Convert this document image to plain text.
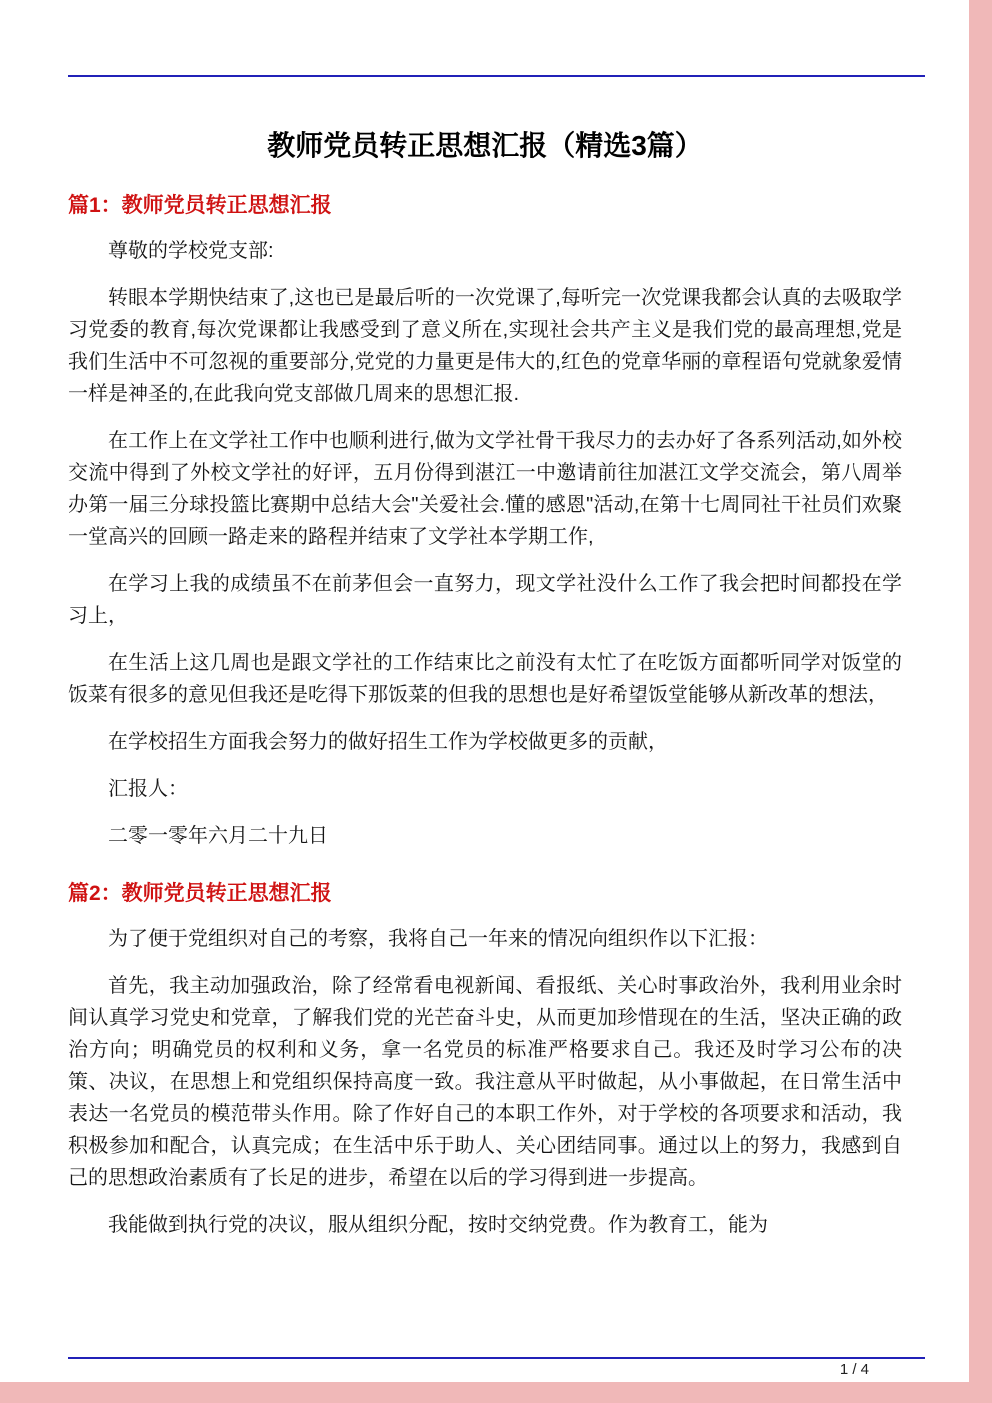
教师党员转正思想汇报（精选3篇）
篇1：教师党员转正思想汇报

尊敬的学校党支部:

转眼本学期快结束了,这也已是最后听的一次党课了,每听完一次党课我都会认真的去吸取学习党委的教育,每次党课都让我感受到了意义所在,实现社会共产主义是我们党的最高理想,党是我们生活中不可忽视的重要部分,党党的力量更是伟大的,红色的党章华丽的章程语句党就象爱情一样是神圣的,在此我向党支部做几周来的思想汇报.

在工作上在文学社工作中也顺利进行,做为文学社骨干我尽力的去办好了各系列活动,如外校交流中得到了外校文学社的好评，五月份得到湛江一中邀请前往加湛江文学交流会，第八周举办第一届三分球投篮比赛期中总结大会"关爱社会.懂的感恩"活动,在第十七周同社干社员们欢聚一堂高兴的回顾一路走来的路程并结束了文学社本学期工作,

在学习上我的成绩虽不在前茅但会一直努力，现文学社没什么工作了我会把时间都投在学习上，

在生活上这几周也是跟文学社的工作结束比之前没有太忙了在吃饭方面都听同学对饭堂的饭菜有很多的意见但我还是吃得下那饭菜的但我的思想也是好希望饭堂能够从新改革的想法，

在学校招生方面我会努力的做好招生工作为学校做更多的贡献，

汇报人：

二零一零年六月二十九日

篇2：教师党员转正思想汇报

为了便于党组织对自己的考察，我将自己一年来的情况向组织作以下汇报：

首先，我主动加强政治，除了经常看电视新闻、看报纸、关心时事政治外，我利用业余时间认真学习党史和党章，了解我们党的光芒奋斗史，从而更加珍惜现在的生活，坚决正确的政治方向；明确党员的权利和义务，拿一名党员的标准严格要求自己。我还及时学习公布的决策、决议，在思想上和党组织保持高度一致。我注意从平时做起，从小事做起，在日常生活中表达一名党员的模范带头作用。除了作好自己的本职工作外，对于学校的各项要求和活动，我积极参加和配合，认真完成；在生活中乐于助人、关心团结同事。通过以上的努力，我感到自己的思想政治素质有了长足的进步，希望在以后的学习得到进一步提高。

我能做到执行党的决议，服从组织分配，按时交纳党费。作为教育工，能为

1 / 4
